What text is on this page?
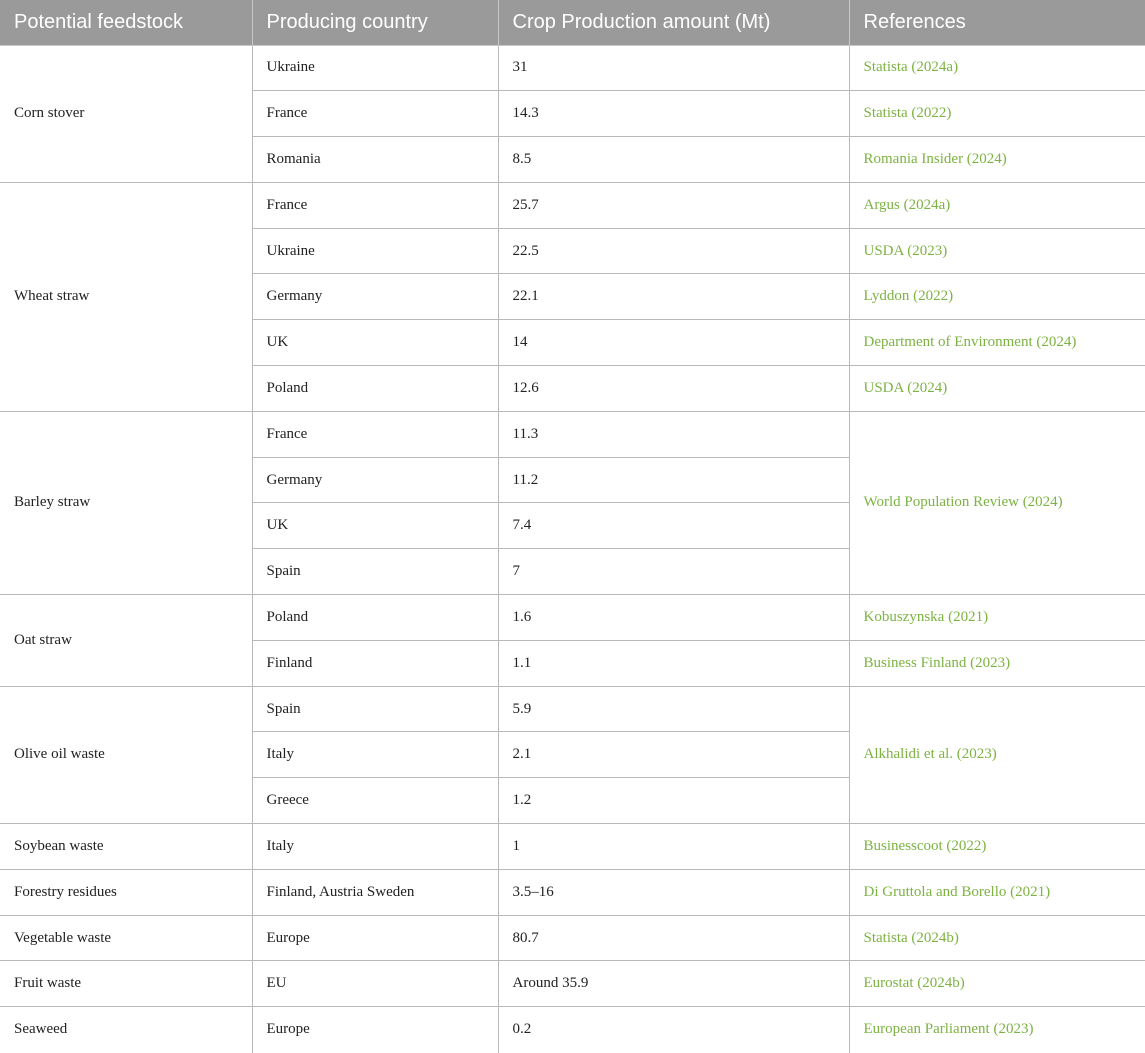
Potential feedstock	Producing country	Crop Production amount (Mt)	References
Corn stover	Ukraine	31	Statista (2024a)
	France	14.3	Statista (2022)
	Romania	8.5	Romania Insider (2024)
Wheat straw	France	25.7	Argus (2024a)
	Ukraine	22.5	USDA (2023)
	Germany	22.1	Lyddon (2022)
	UK	14	Department of Environment (2024)
	Poland	12.6	USDA (2024)
Barley straw	France	11.3	World Population Review (2024)
	Germany	11.2	
	UK	7.4	
	Spain	7	
Oat straw	Poland	1.6	Kobuszynska (2021)
	Finland	1.1	Business Finland (2023)
Olive oil waste	Spain	5.9	Alkhalidi et al. (2023)
	Italy	2.1	
	Greece	1.2	
Soybean waste	Italy	1	Businesscoot (2022)
Forestry residues	Finland, Austria Sweden	3.5–16	Di Gruttola and Borello (2021)
Vegetable waste	Europe	80.7	Statista (2024b)
Fruit waste	EU	Around 35.9	Eurostat (2024b)
Seaweed	Europe	0.2	European Parliament (2023)
